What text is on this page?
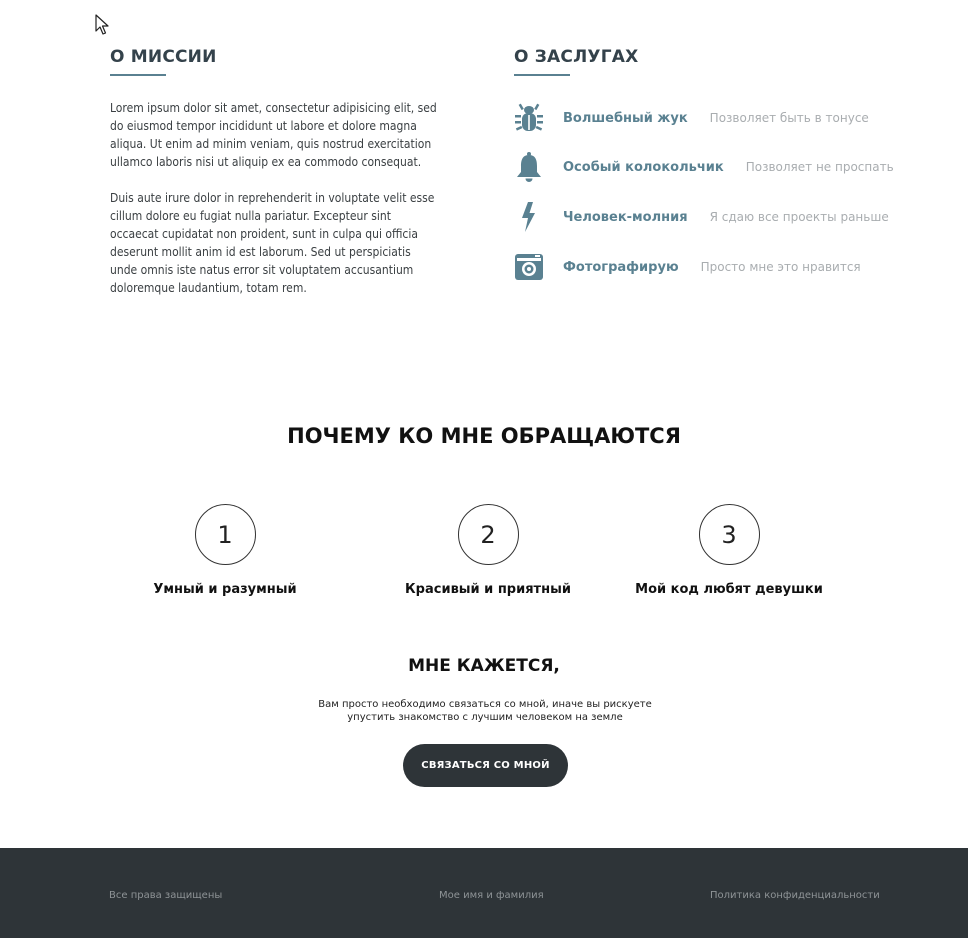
О МИССИИ

Lorem ipsum dolor sit amet, consectetur adipisicing elit, sed do eiusmod tempor incididunt ut labore et dolore magna aliqua. Ut enim ad minim veniam, quis nostrud exercitation ullamco laboris nisi ut aliquip ex ea commodo consequat.

Duis aute irure dolor in reprehenderit in voluptate velit esse cillum dolore eu fugiat nulla pariatur. Excepteur sint occaecat cupidatat non proident, sunt in culpa qui officia deserunt mollit anim id est laborum. Sed ut perspiciatis unde omnis iste natus error sit voluptatem accusantium doloremque laudantium, totam rem.

О ЗАСЛУГАХ
Волшебный жук Позволяет быть в тонусе
Особый колокольчик Позволяет не проспать
Человек-молния Я сдаю все проекты раньше
Фотографирую Просто мне это нравится
ПОЧЕМУ КО МНЕ ОБРАЩАЮТСЯ
1
Умный и разумный
2
Красивый и приятный
3
Мой код любят девушки
МНЕ КАЖЕТСЯ,
Вам просто необходимо связаться со мной, иначе вы рискуете
упустить знакомство с лучшим человеком на земле
СВЯЗАТЬСЯ СО МНОЙ
Все права защищены	Мое имя и фамилия	Политика конфиденциальности
